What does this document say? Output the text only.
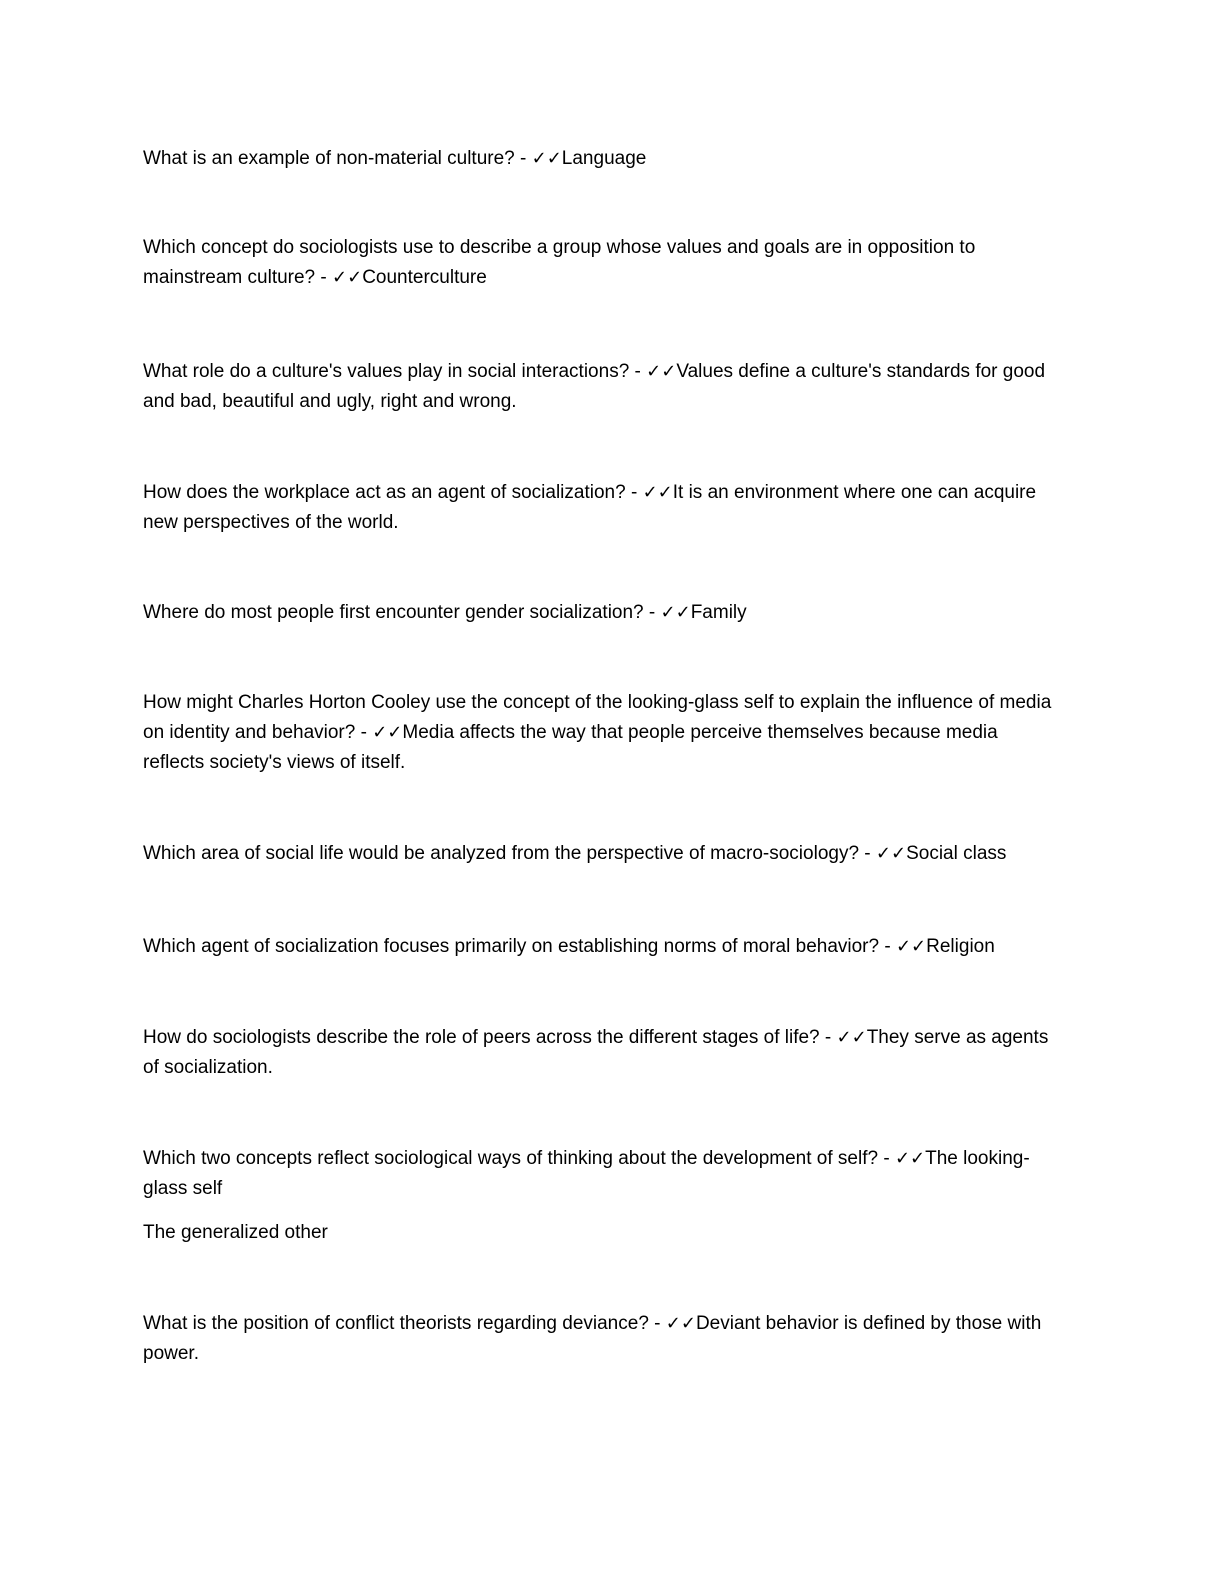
What is an example of non-material culture? - ✓✓Language
Which concept do sociologists use to describe a group whose values and goals are in opposition to mainstream culture? - ✓✓Counterculture
What role do a culture's values play in social interactions? - ✓✓Values define a culture's standards for good and bad, beautiful and ugly, right and wrong.
How does the workplace act as an agent of socialization? - ✓✓It is an environment where one can acquire new perspectives of the world.
Where do most people first encounter gender socialization? - ✓✓Family
How might Charles Horton Cooley use the concept of the looking-glass self to explain the influence of media on identity and behavior? - ✓✓Media affects the way that people perceive themselves because media reflects society's views of itself.
Which area of social life would be analyzed from the perspective of macro-sociology? - ✓✓Social class
Which agent of socialization focuses primarily on establishing norms of moral behavior? - ✓✓Religion
How do sociologists describe the role of peers across the different stages of life? - ✓✓They serve as agents of socialization.
Which two concepts reflect sociological ways of thinking about the development of self? - ✓✓The looking-glass self
The generalized other
What is the position of conflict theorists regarding deviance? - ✓✓Deviant behavior is defined by those with power.
